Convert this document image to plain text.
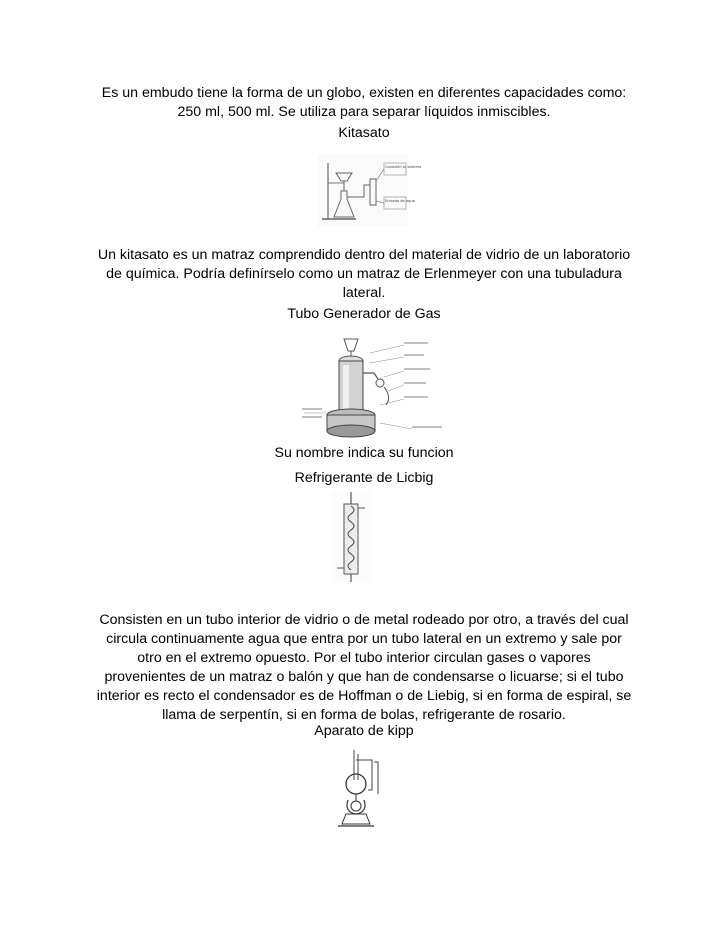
Es un embudo tiene la forma de un globo, existen en diferentes capacidades como: 250 ml, 500 ml. Se utiliza para separar líquidos inmiscibles.

Kitasato

Conexión al sistema
Entrada de agua

Un kitasato es un matraz comprendido dentro del material de vidrio de un laboratorio de química. Podría definírselo como un matraz de Erlenmeyer con una tubuladura lateral.

Tubo Generador de Gas

Su nombre indica su funcion

Refrigerante de Licbig

Consisten en un tubo interior de vidrio o de metal rodeado por otro, a través del cual circula continuamente agua que entra por un tubo lateral en un extremo y sale por otro en el extremo opuesto. Por el tubo interior circulan gases o vapores provenientes de un matraz o balón y que han de condensarse o licuarse; si el tubo interior es recto el condensador es de Hoffman o de Liebig, si en forma de espiral, se llama de serpentín, si en forma de bolas, refrigerante de rosario.

Aparato de kipp
